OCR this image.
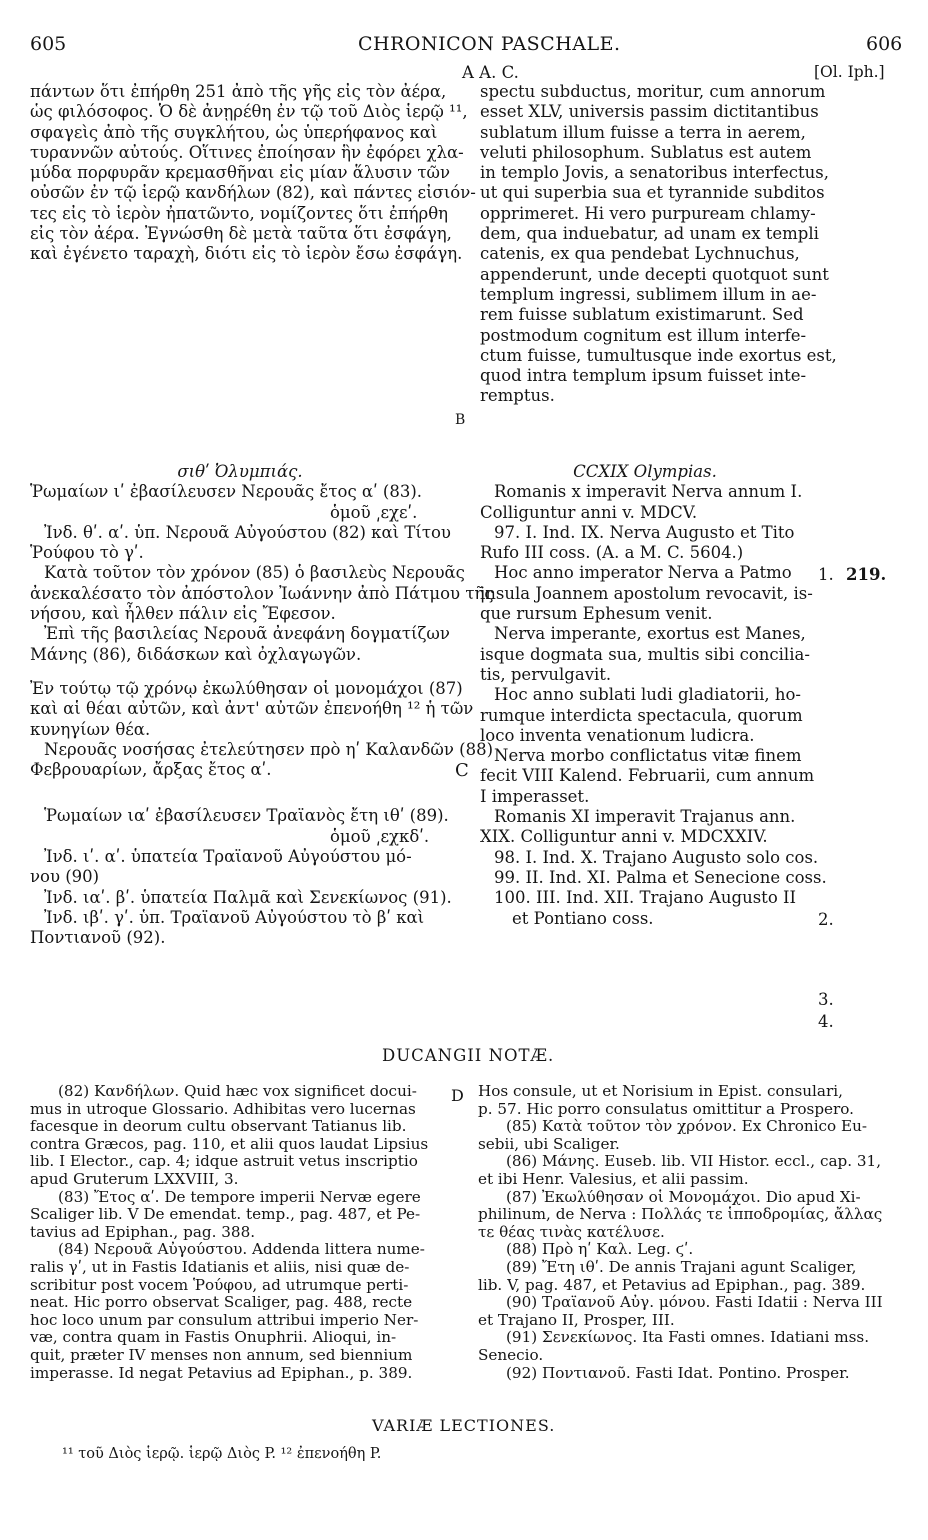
605	CHRONICON PASCHALE.	606
A A. C.	[Ol. Iph.]
B
C
D
πάντων ὅτι ἐπήρθη 251 ἀπὸ τῆς γῆς εἰς τὸν ἀέρα,
ὡς φιλόσοφος. Ὁ δὲ ἀνῃρέθη ἐν τῷ τοῦ Διὸς ἱερῷ ¹¹,
σφαγεὶς ἀπὸ τῆς συγκλήτου, ὡς ὑπερήφανος καὶ
τυραννῶν αὐτούς. Οἵτινες ἐποίησαν ἣν ἐφόρει χλα-
μύδα πορφυρᾶν κρεμασθῆναι εἰς μίαν ἅλυσιν τῶν
οὐσῶν ἐν τῷ ἱερῷ κανδήλων (82), καὶ πάντες εἰσιόν-
τες εἰς τὸ ἱερὸν ἠπατῶντο, νομίζοντες ὅτι ἐπήρθη
εἰς τὸν ἀέρα. Ἐγνώσθη δὲ μετὰ ταῦτα ὅτι ἐσφάγη,
καὶ ἐγένετο ταραχὴ, διότι εἰς τὸ ἱερὸν ἔσω ἐσφάγη.
spectu subductus, moritur, cum annorum
esset XLV, universis passim dictitantibus
sublatum illum fuisse a terra in aerem,
veluti philosophum. Sublatus est autem
in templo Jovis, a senatoribus interfectus,
ut qui superbia sua et tyrannide subditos
opprimeret. Hi vero purpuream chlamy-
dem, qua induebatur, ad unam ex templi
catenis, ex qua pendebat Lychnuchus,
appenderunt, unde decepti quotquot sunt
templum ingressi, sublimem illum in ae-
rem fuisse sublatum existimarunt. Sed
postmodum cognitum est illum interfe-
ctum fuisse, tumultusque inde exortus est,
quod intra templum ipsum fuisset inte-
remptus.
σιθʹ Ὀλυμπιάς.
Ῥωμαίων ιʹ ἐβασίλευσεν Νερουᾶς ἔτος αʹ (83).
ὁμοῦ ͵εχεʹ.
Ἰνδ. θʹ. αʹ. ὑπ. Νερουᾶ Αὐγούστου (82) καὶ Τίτου
Ῥούφου τὸ γʹ.
Κατὰ τοῦτον τὸν χρόνον (85) ὁ βασιλεὺς Νερουᾶς
ἀνεκαλέσατο τὸν ἀπόστολον Ἰωάννην ἀπὸ Πάτμου τῆς
νήσου, καὶ ἦλθεν πάλιν εἰς Ἔφεσον.
Ἐπὶ τῆς βασιλείας Νερουᾶ ἀνεφάνη δογματίζων
Μάνης (86), διδάσκων καὶ ὀχλαγωγῶν.
Ἐν τούτῳ τῷ χρόνῳ ἐκωλύθησαν οἱ μονομάχοι (87)
καὶ αἱ θέαι αὐτῶν, καὶ ἀντ' αὐτῶν ἐπενοήθη ¹² ἡ τῶν
κυνηγίων θέα.
Νερουᾶς νοσήσας ἐτελεύτησεν πρὸ ηʹ Καλανδῶν (88)
Φεβρουαρίων, ἄρξας ἔτος αʹ.
Ῥωμαίων ιαʹ ἐβασίλευσεν Τραϊανὸς ἔτη ιθʹ (89).
ὁμοῦ ͵εχκδʹ.
Ἰνδ. ιʹ. αʹ. ὑπατεία Τραϊανοῦ Αὐγούστου μό-
νου (90)
Ἰνδ. ιαʹ. βʹ. ὑπατεία Παλμᾶ καὶ Σενεκίωνος (91).
Ἰνδ. ιβʹ. γʹ. ὑπ. Τραϊανοῦ Αὐγούστου τὸ βʹ καὶ
Ποντιανοῦ (92).
CCXIX Olympias.
Romanis x imperavit Nerva annum I.
Colliguntur anni v. MDCV.
97. I. Ind. IX. Nerva Augusto et Tito
Rufo III coss. (A. a M. C. 5604.)
Hoc anno imperator Nerva a Patmo
insula Joannem apostolum revocavit, is-
que rursum Ephesum venit.
Nerva imperante, exortus est Manes,
isque dogmata sua, multis sibi concilia-
tis, pervulgavit.
Hoc anno sublati ludi gladiatorii, ho-
rumque interdicta spectacula, quorum
loco inventa venationum ludicra.
Nerva morbo conflictatus vitæ finem
fecit VIII Kalend. Februarii, cum annum
I imperasset.
Romanis XI imperavit Trajanus ann.
XIX. Colliguntur anni v. MDCXXIV.
98. I. Ind. X. Trajano Augusto solo cos.
99. II. Ind. XI. Palma et Senecione coss.
100. III. Ind. XII. Trajano Augusto II
et Pontiano coss.
1. 219.
2.
3.
4.
DUCANGII NOTÆ.
(82) Κανδήλων. Quid hæc vox significet docui-
mus in utroque Glossario. Adhibitas vero lucernas
facesque in deorum cultu observant Tatianus lib.
contra Græcos, pag. 110, et alii quos laudat Lipsius
lib. I Elector., cap. 4; idque astruit vetus inscriptio
apud Gruterum LXXVIII, 3.
(83) Ἔτος αʹ. De tempore imperii Nervæ egere
Scaliger lib. V De emendat. temp., pag. 487, et Pe-
tavius ad Epiphan., pag. 388.
(84) Νερουᾶ Αὐγούστου. Addenda littera nume-
ralis γʹ, ut in Fastis Idatianis et aliis, nisi quæ de-
scribitur post vocem Ῥούφου, ad utrumque perti-
neat. Hic porro observat Scaliger, pag. 488, recte
hoc loco unum par consulum attribui imperio Ner-
væ, contra quam in Fastis Onuphrii. Alioqui, in-
quit, præter IV menses non annum, sed biennium
imperasse. Id negat Petavius ad Epiphan., p. 389.
Hos consule, ut et Norisium in Epist. consulari,
p. 57. Hic porro consulatus omittitur a Prospero.
(85) Κατὰ τοῦτον τὸν χρόνον. Ex Chronico Eu-
sebii, ubi Scaliger.
(86) Μάνης. Euseb. lib. VII Histor. eccl., cap. 31,
et ibi Henr. Valesius, et alii passim.
(87) Ἐκωλύθησαν οἱ Μονομάχοι. Dio apud Xi-
philinum, de Nerva : Πολλάς τε ἱπποδρομίας, ἄλλας
τε θέας τινὰς κατέλυσε.
(88) Πρὸ ηʹ Καλ. Leg. ϛʹ.
(89) Ἔτη ιθʹ. De annis Trajani agunt Scaliger,
lib. V, pag. 487, et Petavius ad Epiphan., pag. 389.
(90) Τραϊανοῦ Αὐγ. μόνου. Fasti Idatii : Nerva III
et Trajano II, Prosper, III.
(91) Σενεκίωνος. Ita Fasti omnes. Idatiani mss.
Senecio.
(92) Ποντιανοῦ. Fasti Idat. Pontino. Prosper.
VARIÆ LECTIONES.
¹¹ τοῦ Διὸς ἱερῷ. ἱερῷ Διὸς P. ¹² ἐπενοήθη P.
